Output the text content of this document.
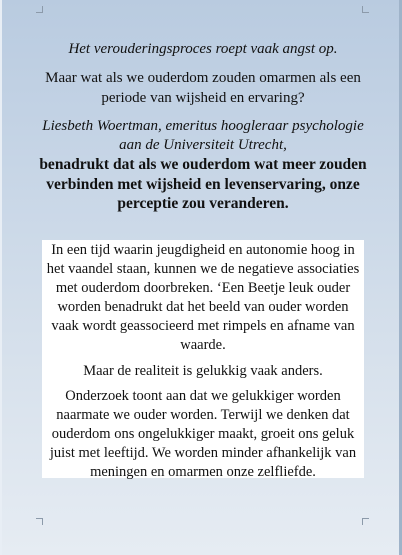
Het verouderingsproces roept vaak angst op.

Maar wat als we ouderdom zouden omarmen als een periode van wijsheid en ervaring?

Liesbeth Woertman, emeritus hoogleraar psychologie aan de Universiteit Utrecht,

benadrukt dat als we ouderdom wat meer zouden verbinden met wijsheid en levenservaring, onze perceptie zou veranderen.

In een tijd waarin jeugdigheid en autonomie hoog in het vaandel staan, kunnen we de negatieve associaties met ouderdom doorbreken. ‘Een Beetje leuk ouder worden benadrukt dat het beeld van ouder worden vaak wordt geassocieerd met rimpels en afname van waarde.

Maar de realiteit is gelukkig vaak anders.

Onderzoek toont aan dat we gelukkiger worden naarmate we ouder worden. Terwijl we denken dat ouderdom ons ongelukkiger maakt, groeit ons geluk juist met leeftijd. We worden minder afhankelijk van meningen en omarmen onze zelfliefde.
